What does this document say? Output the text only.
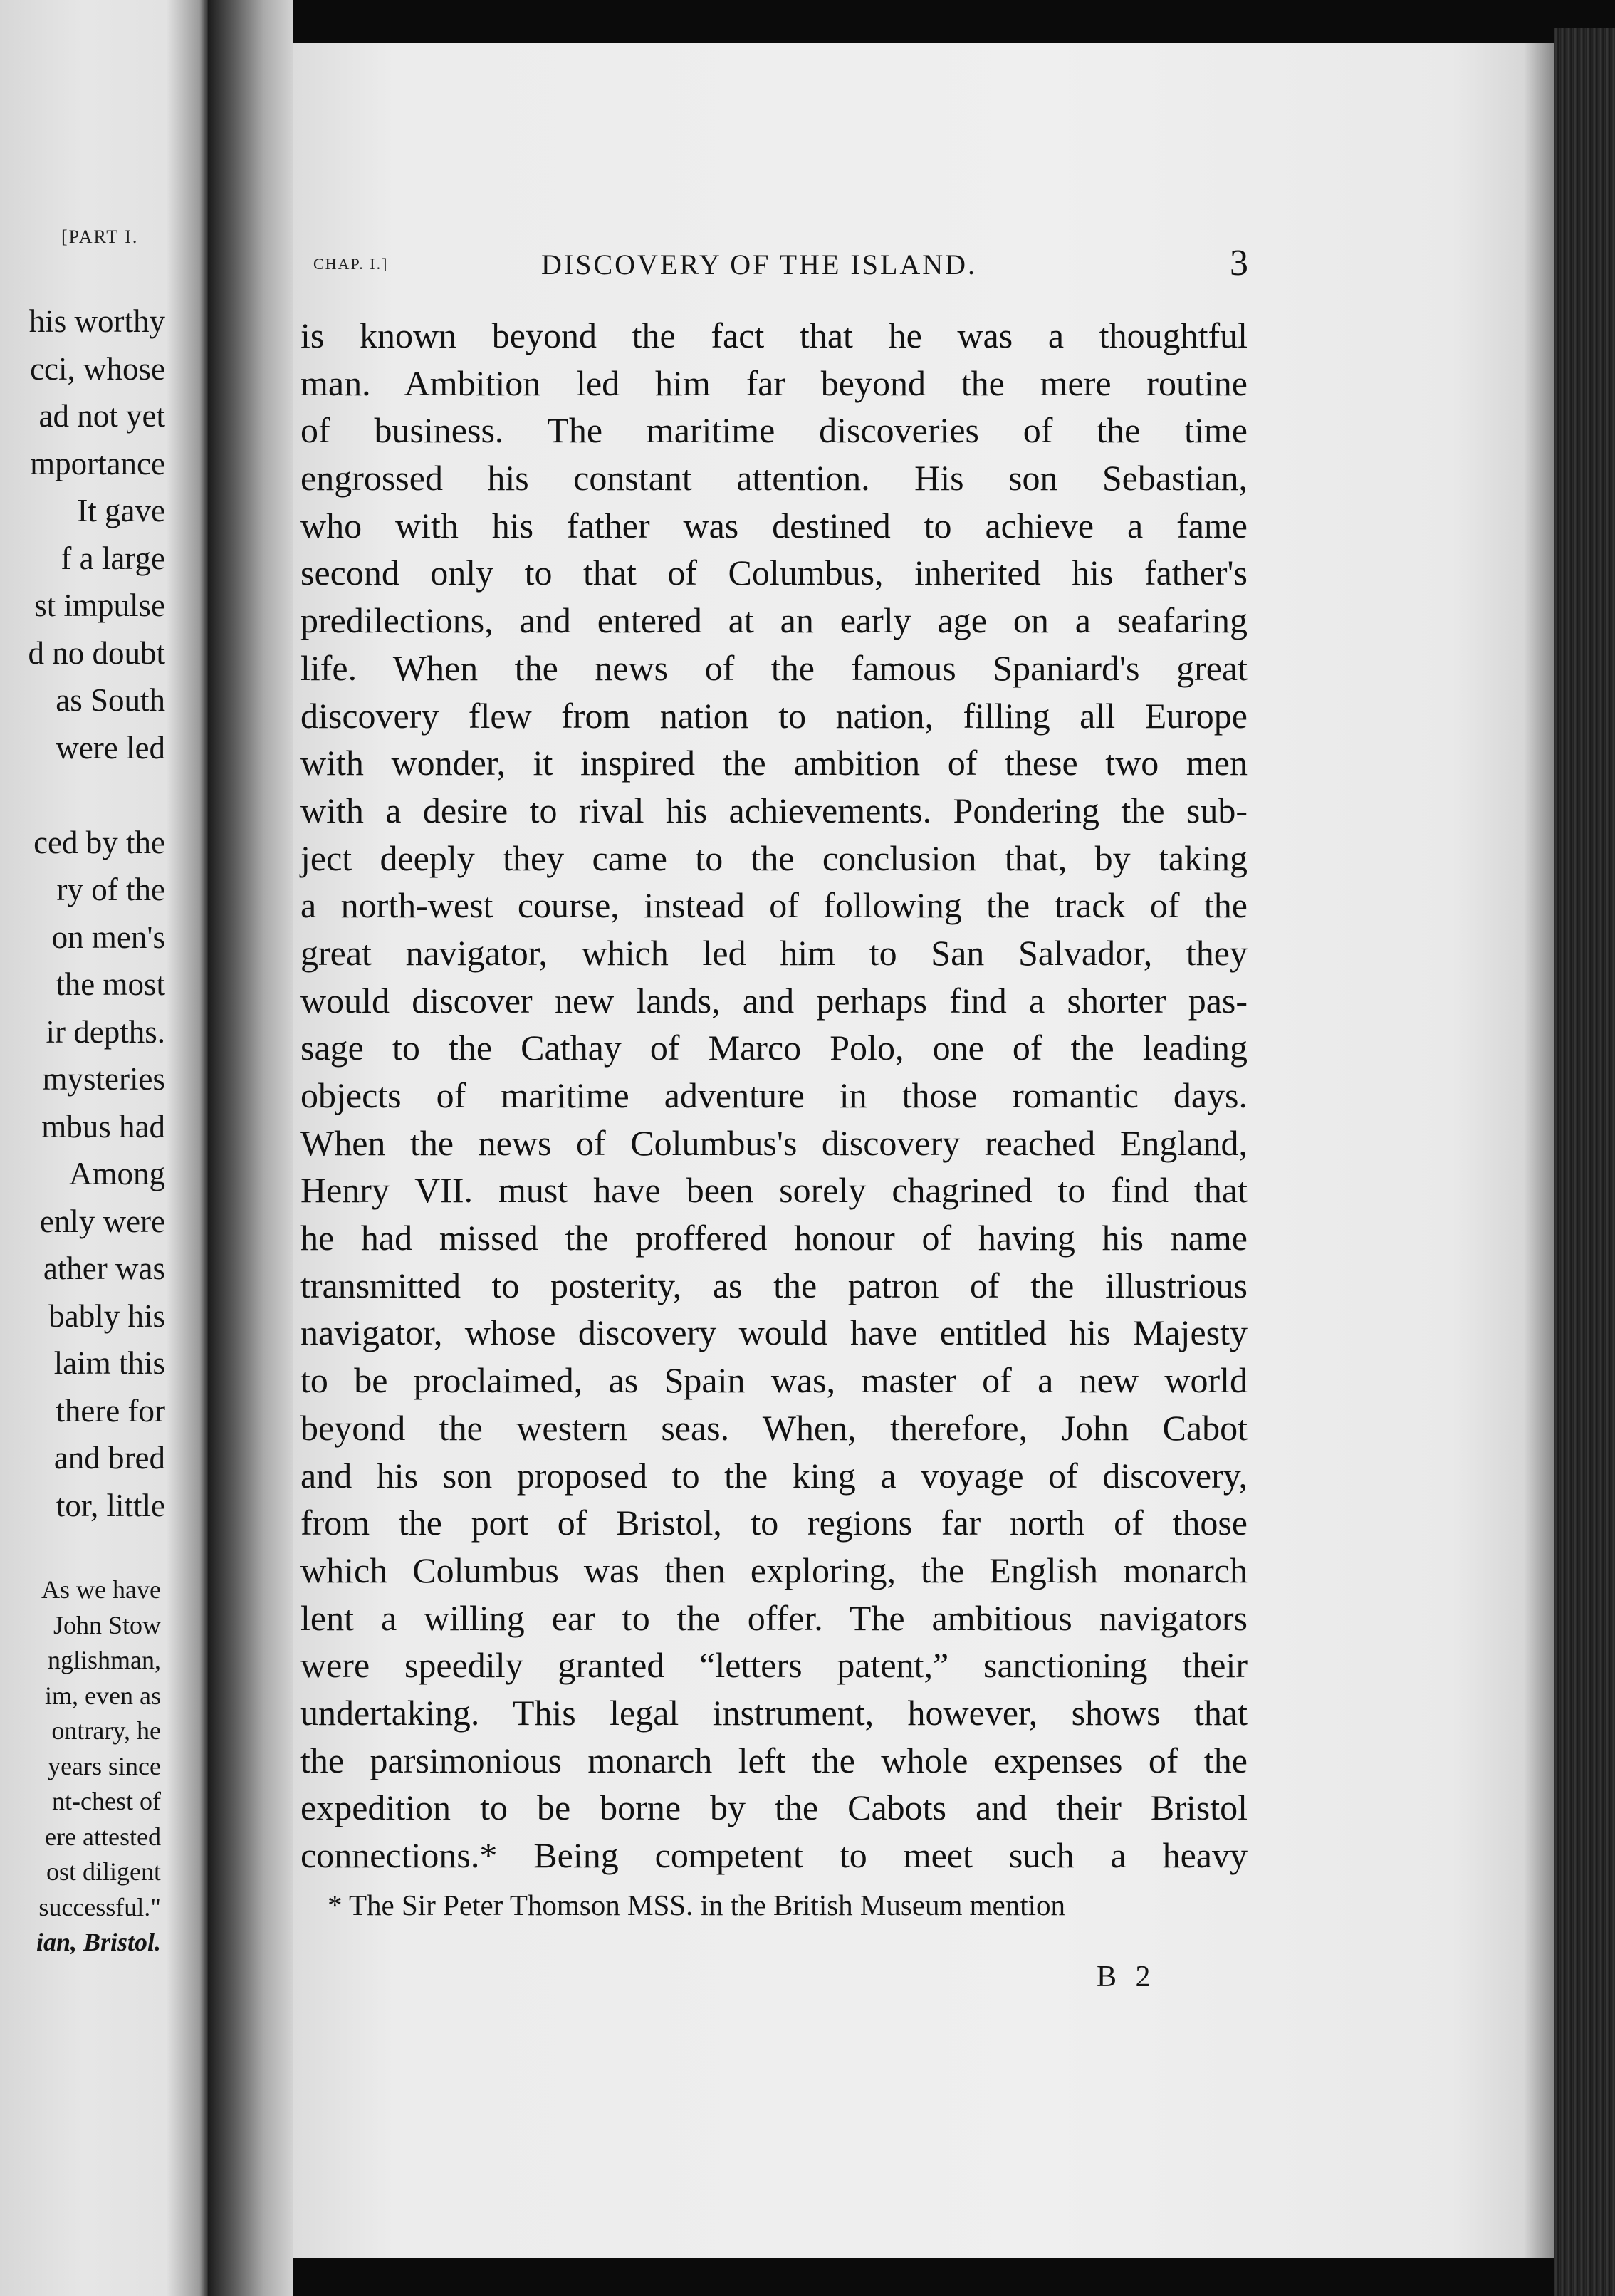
[PART I.
his worthy
cci, whose
ad not yet
mportance
It gave
f a large
st impulse
d no doubt
as South
were led
ced by the
ry of the
on men's
the most
ir depths.
mysteries
mbus had
Among
enly were
ather was
bably his
laim this
there for
and bred
tor, little
As we have
John Stow
nglishman,
im, even as
ontrary, he
years since
nt-chest of
ere attested
ost diligent
successful."
ian, Bristol.
CHAP. I.]	DISCOVERY OF THE ISLAND.	3
is known beyond the fact that he was a thoughtful
man. Ambition led him far beyond the mere routine
of business. The maritime discoveries of the time
engrossed his constant attention. His son Sebastian,
who with his father was destined to achieve a fame
second only to that of Columbus, inherited his father's
predilections, and entered at an early age on a seafaring
life. When the news of the famous Spaniard's great
discovery flew from nation to nation, filling all Europe
with wonder, it inspired the ambition of these two men
with a desire to rival his achievements. Pondering the sub-
ject deeply they came to the conclusion that, by taking
a north-west course, instead of following the track of the
great navigator, which led him to San Salvador, they
would discover new lands, and perhaps find a shorter pas-
sage to the Cathay of Marco Polo, one of the leading
objects of maritime adventure in those romantic days.
When the news of Columbus's discovery reached England,
Henry VII. must have been sorely chagrined to find that
he had missed the proffered honour of having his name
transmitted to posterity, as the patron of the illustrious
navigator, whose discovery would have entitled his Majesty
to be proclaimed, as Spain was, master of a new world
beyond the western seas. When, therefore, John Cabot
and his son proposed to the king a voyage of discovery,
from the port of Bristol, to regions far north of those
which Columbus was then exploring, the English monarch
lent a willing ear to the offer. The ambitious navigators
were speedily granted “letters patent,” sanctioning their
undertaking. This legal instrument, however, shows that
the parsimonious monarch left the whole expenses of the
expedition to be borne by the Cabots and their Bristol
connections.* Being competent to meet such a heavy
* The Sir Peter Thomson MSS. in the British Museum mention
B 2
